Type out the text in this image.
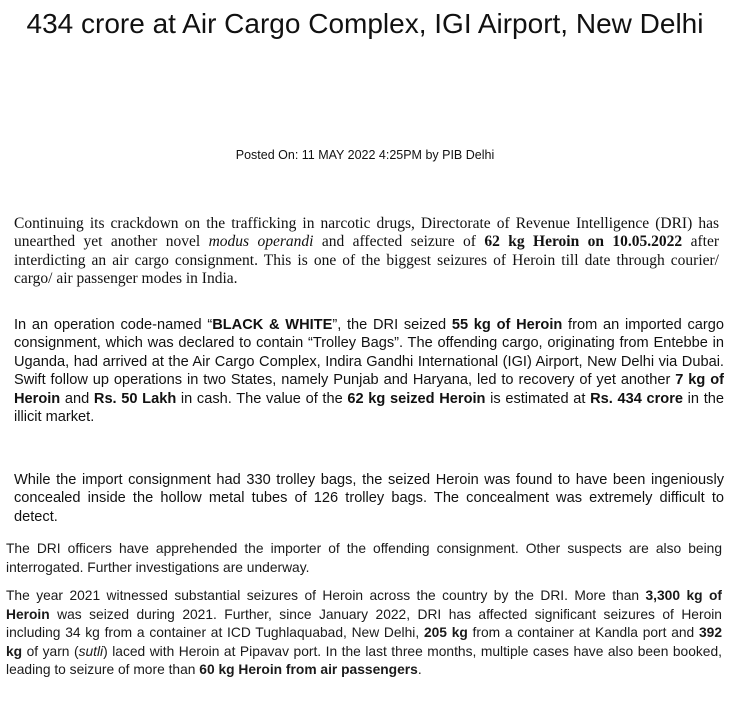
434 crore at Air Cargo Complex, IGI Airport, New Delhi
Posted On: 11 MAY 2022 4:25PM by PIB Delhi

Continuing its crackdown on the trafficking in narcotic drugs, Directorate of Revenue Intelligence (DRI) has unearthed yet another novel modus operandi and affected seizure of 62 kg Heroin on 10.05.2022 after interdicting an air cargo consignment. This is one of the biggest seizures of Heroin till date through courier/ cargo/ air passenger modes in India.

In an operation code-named “BLACK & WHITE”, the DRI seized 55 kg of Heroin from an imported cargo consignment, which was declared to contain “Trolley Bags”. The offending cargo, originating from Entebbe in Uganda, had arrived at the Air Cargo Complex, Indira Gandhi International (IGI) Airport, New Delhi via Dubai. Swift follow up operations in two States, namely Punjab and Haryana, led to recovery of yet another 7 kg of Heroin and Rs. 50 Lakh in cash. The value of the 62 kg seized Heroin is estimated at Rs. 434 crore in the illicit market.

While the import consignment had 330 trolley bags, the seized Heroin was found to have been ingeniously concealed inside the hollow metal tubes of 126 trolley bags. The concealment was extremely difficult to detect.

The DRI officers have apprehended the importer of the offending consignment. Other suspects are also being interrogated. Further investigations are underway.

The year 2021 witnessed substantial seizures of Heroin across the country by the DRI. More than 3,300 kg of Heroin was seized during 2021. Further, since January 2022, DRI has affected significant seizures of Heroin including 34 kg from a container at ICD Tughlaquabad, New Delhi, 205 kg from a container at Kandla port and 392 kg of yarn (sutli) laced with Heroin at Pipavav port. In the last three months, multiple cases have also been booked, leading to seizure of more than 60 kg Heroin from air passengers.
